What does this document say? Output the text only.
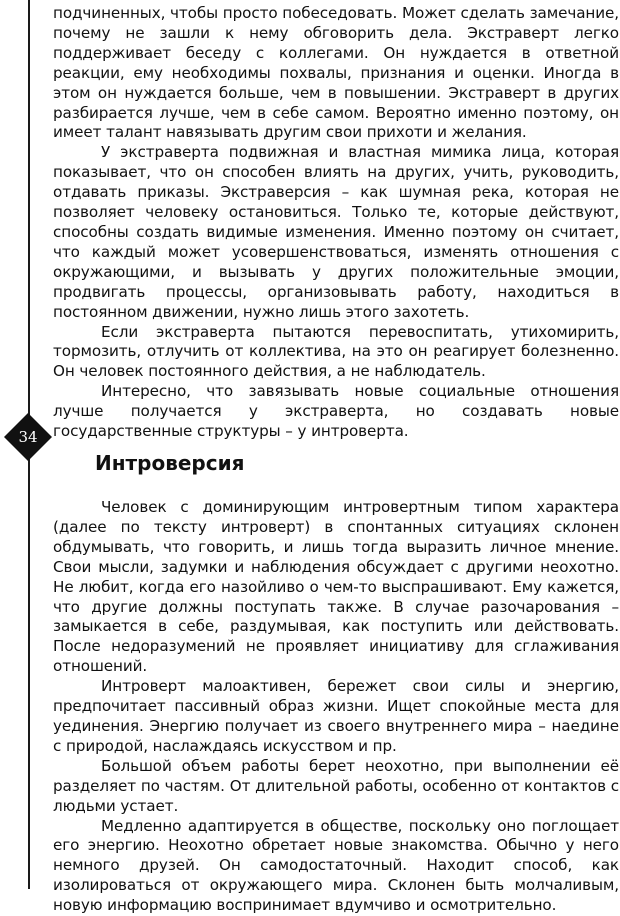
34

подчиненных, чтобы просто побеседовать. Может сделать замечание, почему не зашли к нему обговорить дела. Экстраверт легко поддерживает беседу с коллегами. Он нуждается в ответной реакции, ему необходимы похвалы, признания и оценки. Иногда в этом он нуждается больше, чем в повышении. Экстраверт в других разбирается лучше, чем в себе самом. Вероятно именно поэтому, он имеет талант навязывать другим свои прихоти и желания.

У экстраверта подвижная и властная мимика лица, которая показывает, что он способен влиять на других, учить, руководить, отдавать приказы. Экстраверсия – как шумная река, которая не позволяет человеку остановиться. Только те, которые действуют, способны создать видимые изменения. Именно поэтому он считает, что каждый может усовершенствоваться, изменять отношения с окружающими, и вызывать у других положительные эмоции, продвигать процессы, организовывать работу, находиться в постоянном движении, нужно лишь этого захотеть.

Если экстраверта пытаются перевоспитать, утихомирить, тормозить, отлучить от коллектива, на это он реагирует болезненно. Он человек постоянного действия, а не наблюдатель.

Интересно, что завязывать новые социальные отношения лучше получается у экстраверта, но создавать новые государственные структуры – у интроверта.

Интроверсия

Человек с доминирующим интровертным типом характера (далее по тексту интроверт) в спонтанных ситуациях склонен обдумывать, что говорить, и лишь тогда выразить личное мнение. Свои мысли, задумки и наблюдения обсуждает с другими неохотно. Не любит, когда его назойливо о чем-то выспрашивают. Ему кажется, что другие должны поступать также. В случае разочарования – замыкается в себе, раздумывая, как поступить или действовать. После недоразумений не проявляет инициативу для сглаживания отношений.

Интроверт малоактивен, бережет свои силы и энергию, предпочитает пассивный образ жизни. Ищет спокойные места для уединения. Энергию получает из своего внутреннего мира – наедине с природой, наслаждаясь искусством и пр.

Большой объем работы берет неохотно, при выполнении её разделяет по частям. От длительной работы, особенно от контактов с людьми устает.

Медленно адаптируется в обществе, поскольку оно поглощает его энергию. Неохотно обретает новые знакомства. Обычно у него немного друзей. Он самодостаточный. Находит способ, как изолироваться от окружающего мира. Склонен быть молчаливым, новую информацию воспринимает вдумчиво и осмотрительно.
